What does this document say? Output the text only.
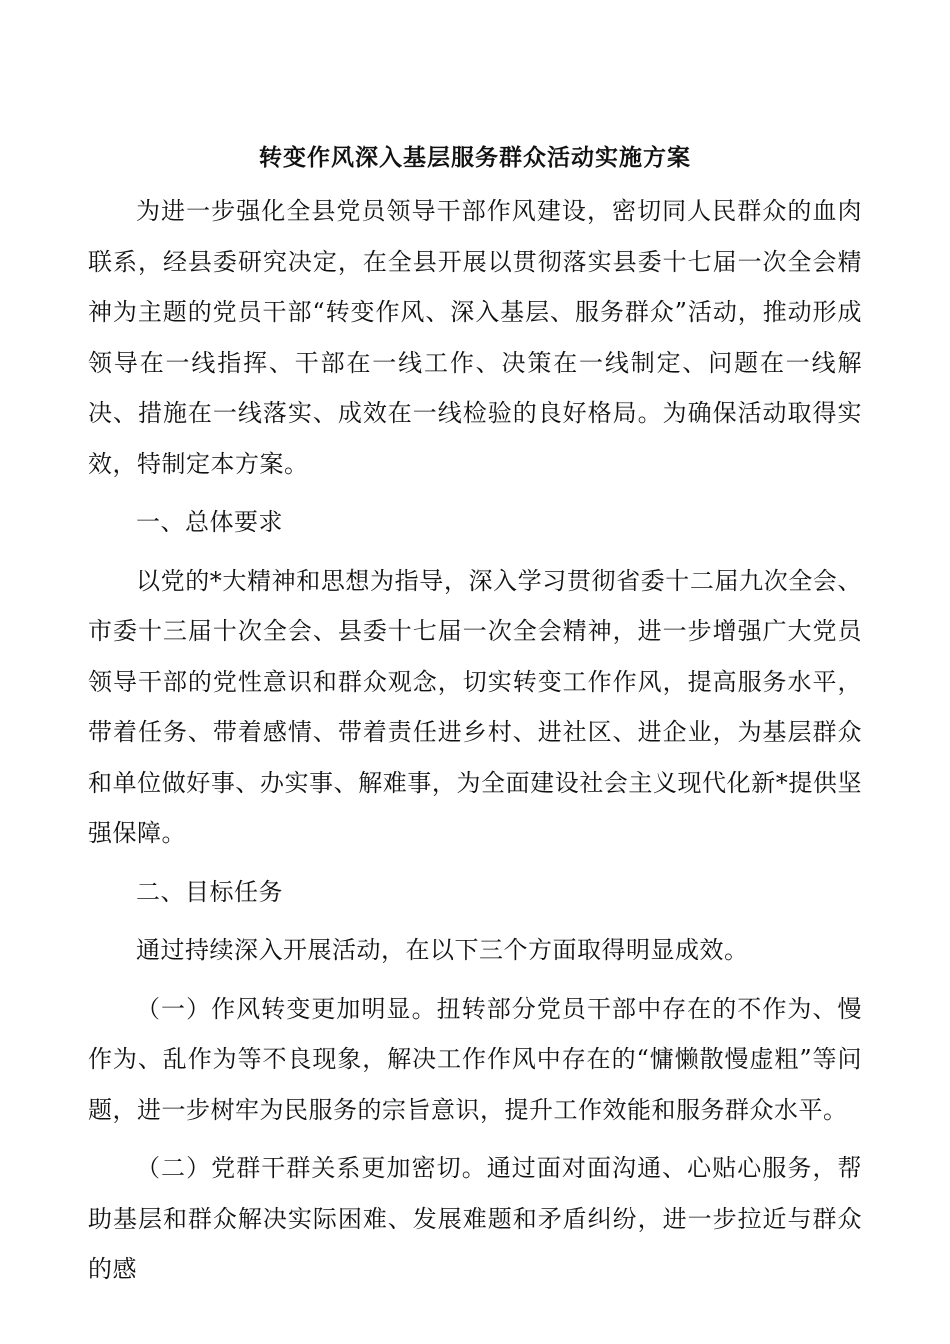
转变作风深入基层服务群众活动实施方案

为进一步强化全县党员领导干部作风建设，密切同人民群众的血肉联系，经县委研究决定，在全县开展以贯彻落实县委十七届一次全会精神为主题的党员干部“转变作风、深入基层、服务群众”活动，推动形成领导在一线指挥、干部在一线工作、决策在一线制定、问题在一线解决、措施在一线落实、成效在一线检验的良好格局。为确保活动取得实效，特制定本方案。

一、总体要求

以党的*大精神和思想为指导，深入学习贯彻省委十二届九次全会、市委十三届十次全会、县委十七届一次全会精神，进一步增强广大党员领导干部的党性意识和群众观念，切实转变工作作风，提高服务水平，带着任务、带着感情、带着责任进乡村、进社区、进企业，为基层群众和单位做好事、办实事、解难事，为全面建设社会主义现代化新*提供坚强保障。

二、目标任务

通过持续深入开展活动，在以下三个方面取得明显成效。

（一）作风转变更加明显。扭转部分党员干部中存在的不作为、慢作为、乱作为等不良现象，解决工作作风中存在的“慵懒散慢虚粗”等问题，进一步树牢为民服务的宗旨意识，提升工作效能和服务群众水平。

（二）党群干群关系更加密切。通过面对面沟通、心贴心服务，帮助基层和群众解决实际困难、发展难题和矛盾纠纷，进一步拉近与群众的感
